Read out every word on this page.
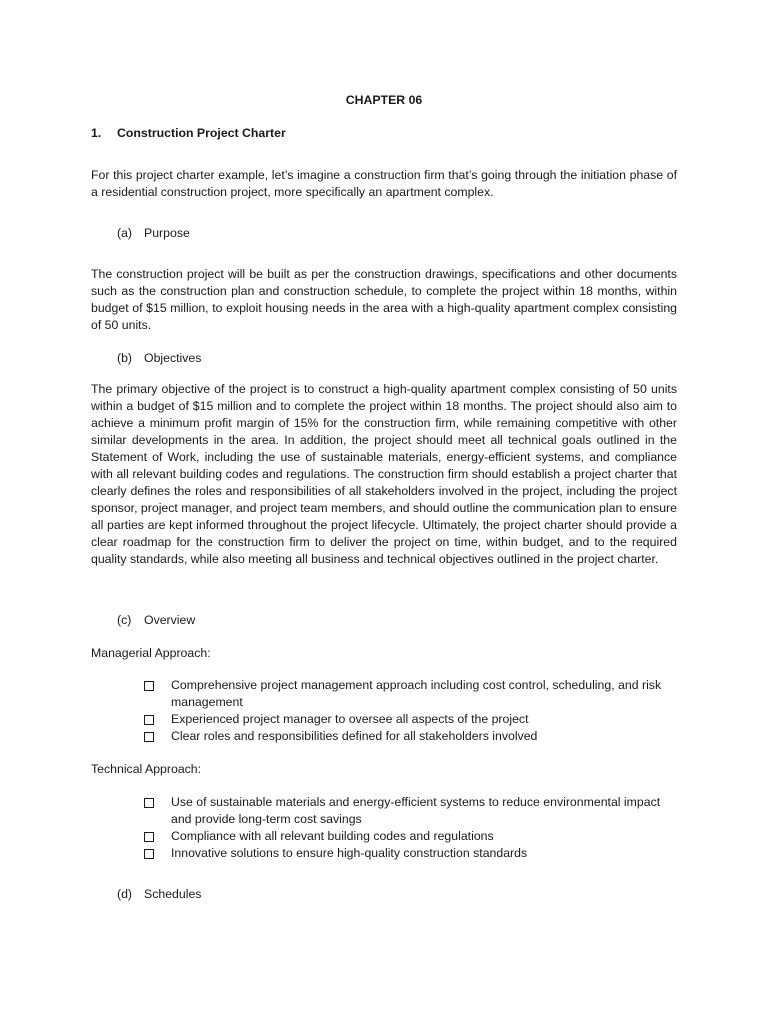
CHAPTER 06
1. Construction Project Charter

For this project charter example, let’s imagine a construction firm that’s going through the initiation phase of a residential construction project, more specifically an apartment complex.

(a) Purpose

The construction project will be built as per the construction drawings, specifications and other documents such as the construction plan and construction schedule, to complete the project within 18 months, within budget of $15 million, to exploit housing needs in the area with a high-quality apartment complex consisting of 50 units.

(b) Objectives

The primary objective of the project is to construct a high-quality apartment complex consisting of 50 units within a budget of $15 million and to complete the project within 18 months. The project should also aim to achieve a minimum profit margin of 15% for the construction firm, while remaining competitive with other similar developments in the area. In addition, the project should meet all technical goals outlined in the Statement of Work, including the use of sustainable materials, energy-efficient systems, and compliance with all relevant building codes and regulations. The construction firm should establish a project charter that clearly defines the roles and responsibilities of all stakeholders involved in the project, including the project sponsor, project manager, and project team members, and should outline the communication plan to ensure all parties are kept informed throughout the project lifecycle. Ultimately, the project charter should provide a clear roadmap for the construction firm to deliver the project on time, within budget, and to the required quality standards, while also meeting all business and technical objectives outlined in the project charter.

(c) Overview
Managerial Approach:
Comprehensive project management approach including cost control, scheduling, and risk management
Experienced project manager to oversee all aspects of the project
Clear roles and responsibilities defined for all stakeholders involved
Technical Approach:
Use of sustainable materials and energy-efficient systems to reduce environmental impact and provide long-term cost savings
Compliance with all relevant building codes and regulations
Innovative solutions to ensure high-quality construction standards
(d) Schedules
